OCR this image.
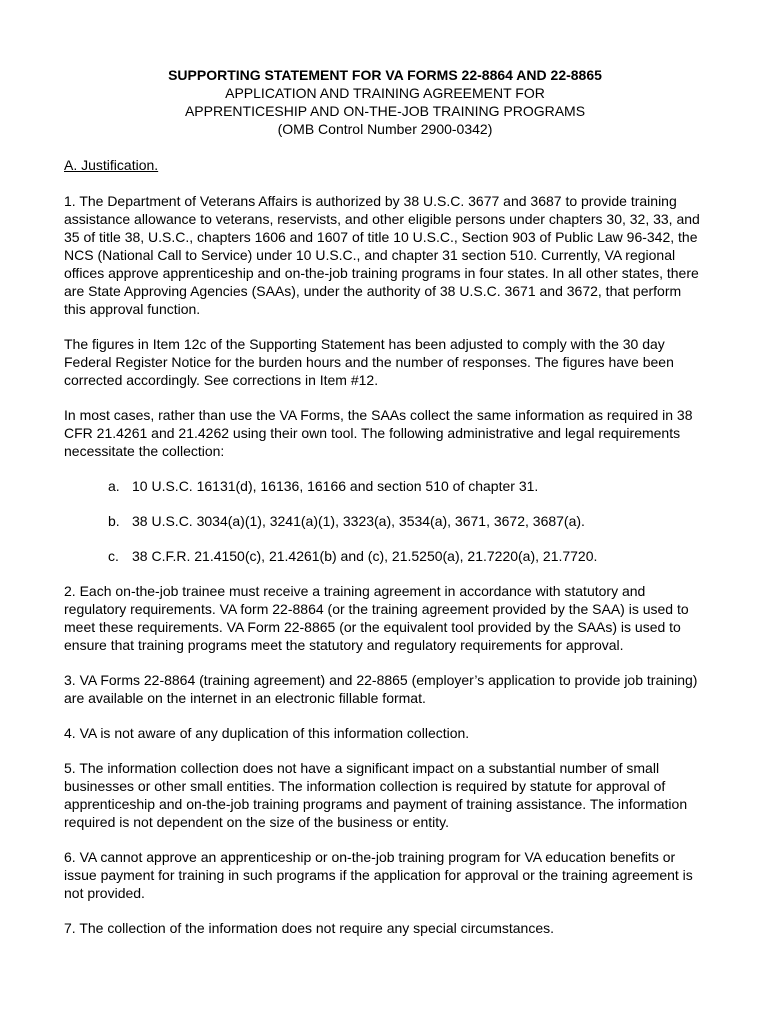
SUPPORTING STATEMENT FOR VA FORMS 22-8864 AND 22-8865
APPLICATION AND TRAINING AGREEMENT FOR
APPRENTICESHIP AND ON-THE-JOB TRAINING PROGRAMS
(OMB Control Number 2900-0342)
A. Justification.

1. The Department of Veterans Affairs is authorized by 38 U.S.C. 3677 and 3687 to provide training assistance allowance to veterans, reservists, and other eligible persons under chapters 30, 32, 33, and 35 of title 38, U.S.C., chapters 1606 and 1607 of title 10 U.S.C., Section 903 of Public Law 96-342, the NCS (National Call to Service) under 10 U.S.C., and chapter 31 section 510. Currently, VA regional offices approve apprenticeship and on-the-job training programs in four states. In all other states, there are State Approving Agencies (SAAs), under the authority of 38 U.S.C. 3671 and 3672, that perform this approval function.

The figures in Item 12c of the Supporting Statement has been adjusted to comply with the 30 day Federal Register Notice for the burden hours and the number of responses. The figures have been corrected accordingly. See corrections in Item #12.

In most cases, rather than use the VA Forms, the SAAs collect the same information as required in 38 CFR 21.4261 and 21.4262 using their own tool. The following administrative and legal requirements necessitate the collection:

a. 10 U.S.C. 16131(d), 16136, 16166 and section 510 of chapter 31.
b. 38 U.S.C. 3034(a)(1), 3241(a)(1), 3323(a), 3534(a), 3671, 3672, 3687(a).
c. 38 C.F.R. 21.4150(c), 21.4261(b) and (c), 21.5250(a), 21.7220(a), 21.7720.

2. Each on-the-job trainee must receive a training agreement in accordance with statutory and regulatory requirements. VA form 22-8864 (or the training agreement provided by the SAA) is used to meet these requirements. VA Form 22-8865 (or the equivalent tool provided by the SAAs) is used to ensure that training programs meet the statutory and regulatory requirements for approval.

3. VA Forms 22-8864 (training agreement) and 22-8865 (employer’s application to provide job training) are available on the internet in an electronic fillable format.

4. VA is not aware of any duplication of this information collection.

5. The information collection does not have a significant impact on a substantial number of small businesses or other small entities. The information collection is required by statute for approval of apprenticeship and on-the-job training programs and payment of training assistance. The information required is not dependent on the size of the business or entity.

6. VA cannot approve an apprenticeship or on-the-job training program for VA education benefits or issue payment for training in such programs if the application for approval or the training agreement is not provided.

7. The collection of the information does not require any special circumstances.
